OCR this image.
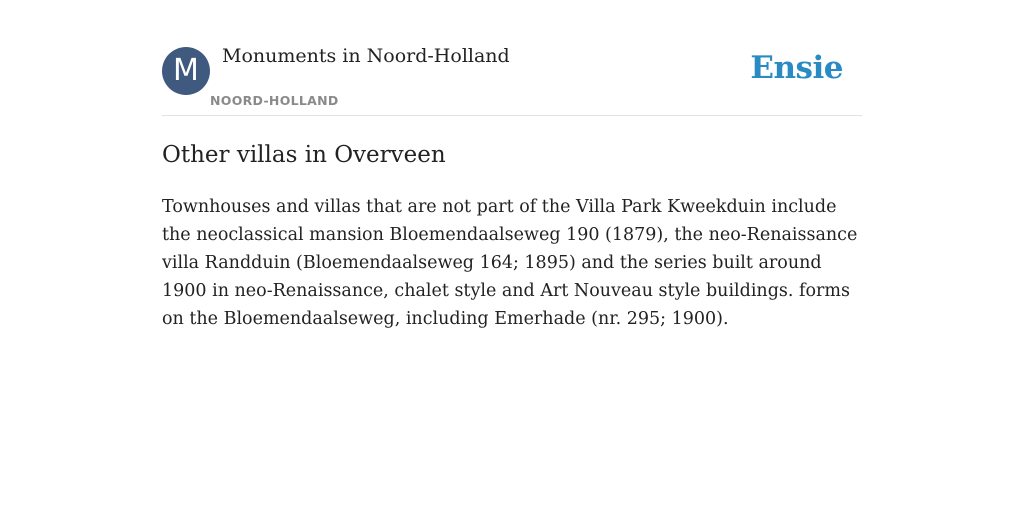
M	Monuments in Noord-Holland
NOORD-HOLLAND
Ensie
Other villas in Overveen

Townhouses and villas that are not part of the Villa Park Kweekduin include the neoclassical mansion Bloemendaalseweg 190 (1879), the neo-Renaissance villa Randduin (Bloemendaalseweg 164; 1895) and the series built around 1900 in neo-Renaissance, chalet style and Art Nouveau style buildings. forms on the Bloemendaalseweg, including Emerhade (nr. 295; 1900).
